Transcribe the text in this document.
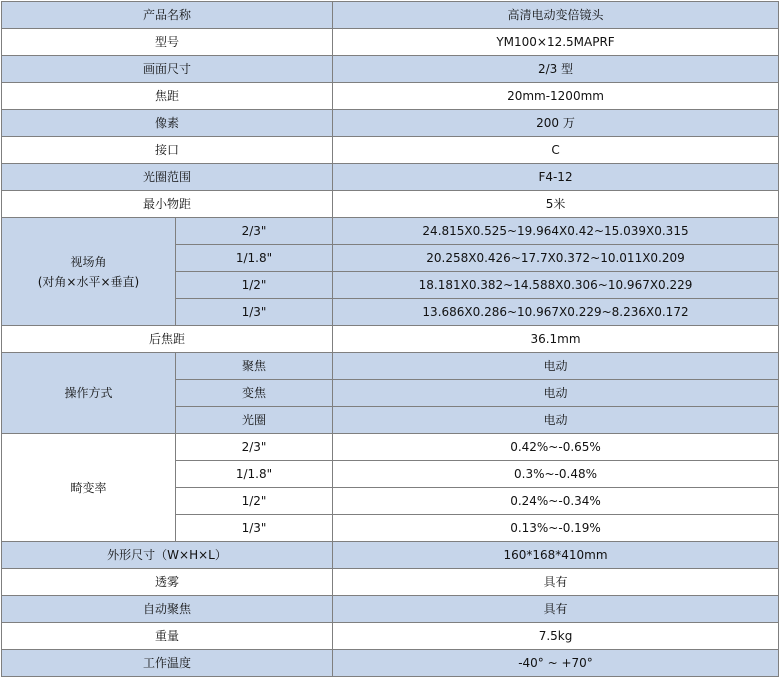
产品名称		高清电动变倍镜头
型号		YM100×12.5MAPRF
画面尺寸		2/3 型
焦距		20mm-1200mm
像素		200 万
接口		C
光圈范围		F4-12
最小物距		5米
视场角
(对角×水平×垂直)	2/3"	24.815X0.525~19.964X0.42~15.039X0.315
	1/1.8"	20.258X0.426~17.7X0.372~10.011X0.209
	1/2"	18.181X0.382~14.588X0.306~10.967X0.229
	1/3"	13.686X0.286~10.967X0.229~8.236X0.172
后焦距		36.1mm
操作方式	聚焦	电动
	变焦	电动
	光圈	电动
畸变率	2/3"	0.42%~-0.65%
	1/1.8"	0.3%~-0.48%
	1/2"	0.24%~-0.34%
	1/3"	0.13%~-0.19%
外形尺寸（W×H×L）		160*168*410mm
透雾		具有
自动聚焦		具有
重量		7.5kg
工作温度		-40° ~ +70°
